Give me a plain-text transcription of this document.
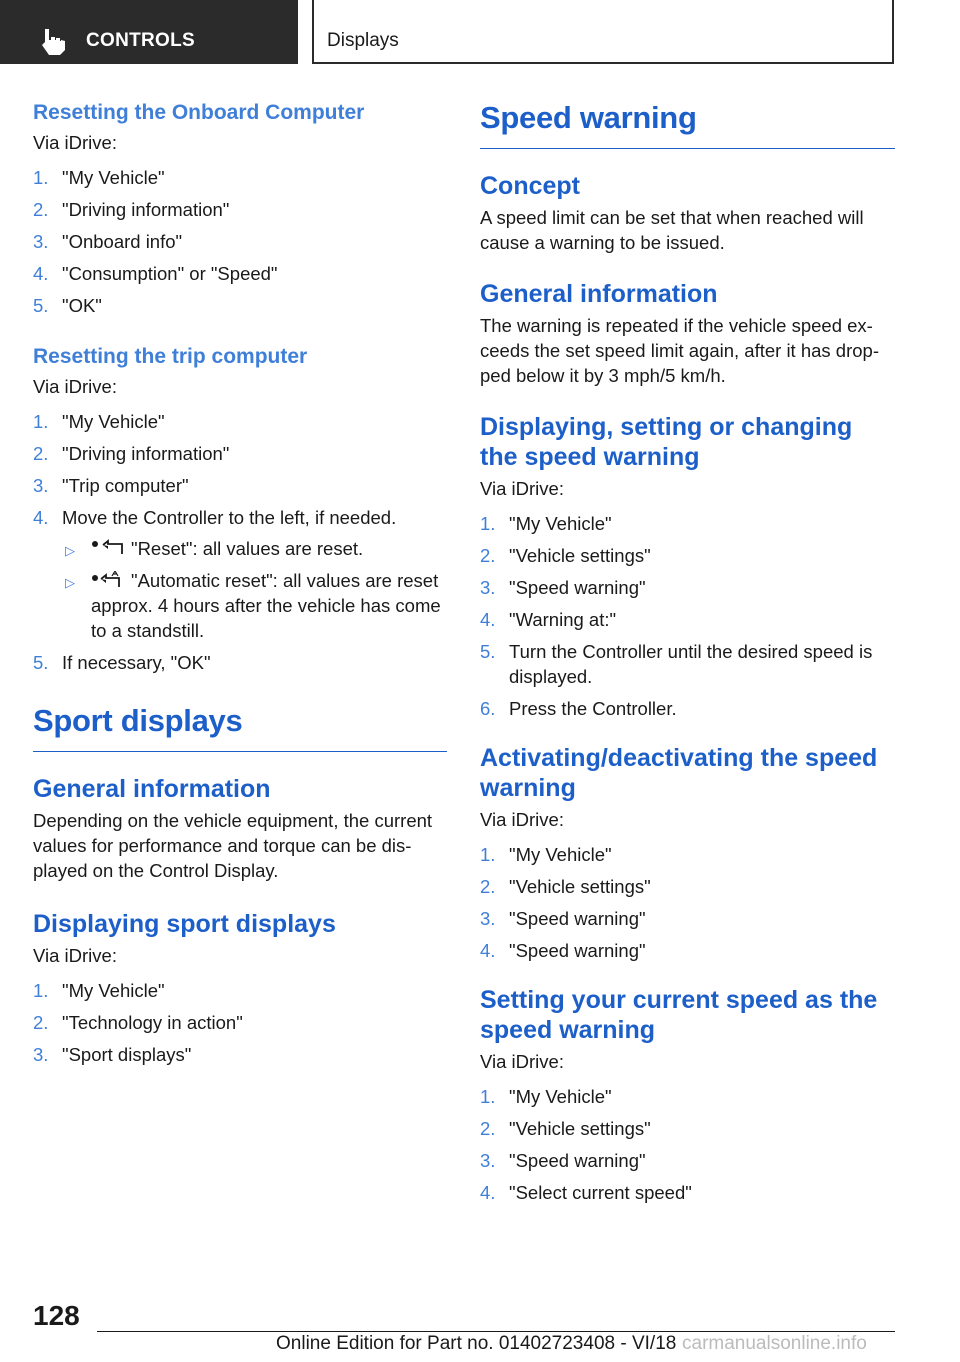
CONTROLS	Displays
Resetting the Onboard Computer

Via iDrive:

1. "My Vehicle"
2. "Driving information"
3. "Onboard info"
4. "Consumption" or "Speed"
5. "OK"
Resetting the trip computer

Via iDrive:

1. "My Vehicle"
2. "Driving information"
3. "Trip computer"
4. Move the Controller to the left, if needed.
▷	"Reset": all values are reset.
▷	"Automatic reset": all values are reset approx. 4 hours after the vehicle has come to a standstill.
5. If necessary, "OK"
Sport displays
General information

Depending on the vehicle equipment, the current values for performance and torque can be dis-played on the Control Display.

Displaying sport displays

Via iDrive:

1. "My Vehicle"
2. "Technology in action"
3. "Sport displays"
Speed warning
Concept

A speed limit can be set that when reached will cause a warning to be issued.

General information

The warning is repeated if the vehicle speed ex-ceeds the set speed limit again, after it has drop-ped below it by 3 mph/5 km/h.

Displaying, setting or changing the speed warning

Via iDrive:

1. "My Vehicle"
2. "Vehicle settings"
3. "Speed warning"
4. "Warning at:"
5. Turn the Controller until the desired speed is displayed.
6. Press the Controller.
Activating/deactivating the speed warning

Via iDrive:

1. "My Vehicle"
2. "Vehicle settings"
3. "Speed warning"
4. "Speed warning"
Setting your current speed as the speed warning

Via iDrive:

1. "My Vehicle"
2. "Vehicle settings"
3. "Speed warning"
4. "Select current speed"
128
Online Edition for Part no. 01402723408 - VI/18 carmanualsonline.info
